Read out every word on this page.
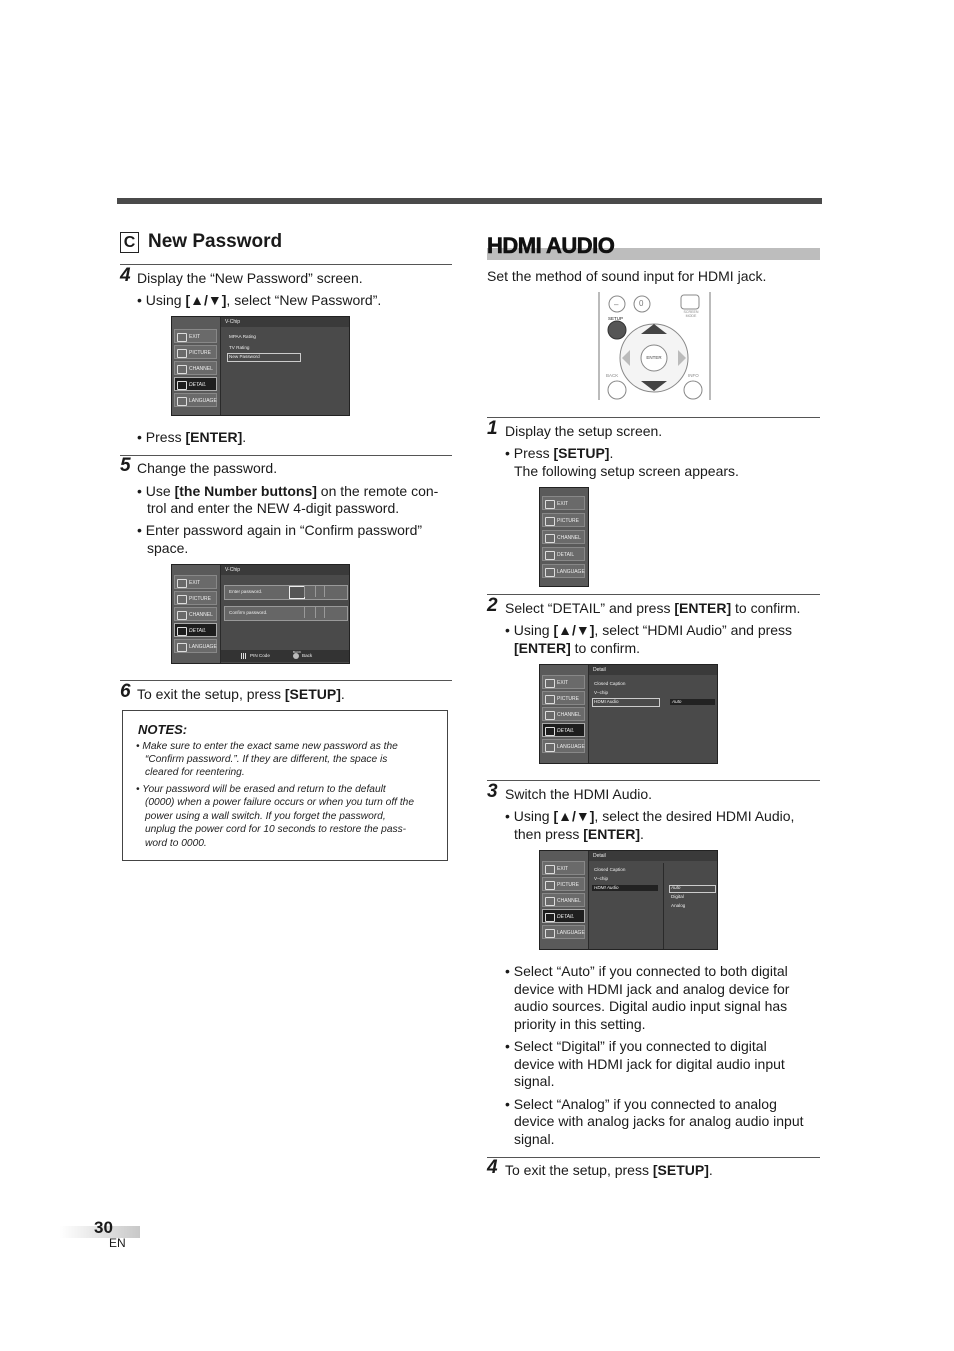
C New Password
4 Display the “New Password” screen.
• Using [▲/▼], select “New Password”.
EXIT
PICTURE
CHANNEL
DETAIL
LANGUAGE
V-Chip
MPAA Rating
TV Rating
New Password
• Press [ENTER].
5 Change the password.
• Use [the Number buttons] on the remote con-
trol and enter the NEW 4-digit password.
• Enter password again in “Confirm password”
space.
EXIT
PICTURE
CHANNEL
DETAIL
LANGUAGE
V-Chip
Enter password.
Confirm password.
PIN Code
BACK
Back
6 To exit the setup, press [SETUP].
NOTES:
• Make sure to enter the exact same new password as the
“Confirm password.”. If they are different, the space is
cleared for reentering.
• Your password will be erased and return to the default
(0000) when a power failure occurs or when you turn off the
power using a wall switch. If you forget the password,
unplug the power cord for 10 seconds to restore the pass-
word to 0000.
HDMI AUDIO
Set the method of sound input for HDMI jack.
–	0
SCREEN MODE
SETUP
ENTER
BACK	INFO
1 Display the setup screen.
• Press [SETUP].
The following setup screen appears.
EXIT
PICTURE
CHANNEL
DETAIL
LANGUAGE
2 Select “DETAIL” and press [ENTER] to confirm.
• Using [▲/▼], select “HDMI Audio” and press
[ENTER] to confirm.
EXIT
PICTURE
CHANNEL
DETAIL
LANGUAGE
Detail
Closed Caption
V–chip
HDMI Audio	Auto
3 Switch the HDMI Audio.
• Using [▲/▼], select the desired HDMI Audio,
then press [ENTER].
EXIT
PICTURE
CHANNEL
DETAIL
LANGUAGE
Detail
Closed Caption
V–chip
HDMI Audio	Auto
Digital
Analog
• Select “Auto” if you connected to both digital
device with HDMI jack and analog device for
audio sources. Digital audio input signal has
priority in this setting.
• Select “Digital” if you connected to digital
device with HDMI jack for digital audio input
signal.
• Select “Analog” if you connected to analog
device with analog jacks for analog audio input
signal.
4 To exit the setup, press [SETUP].
30
EN
